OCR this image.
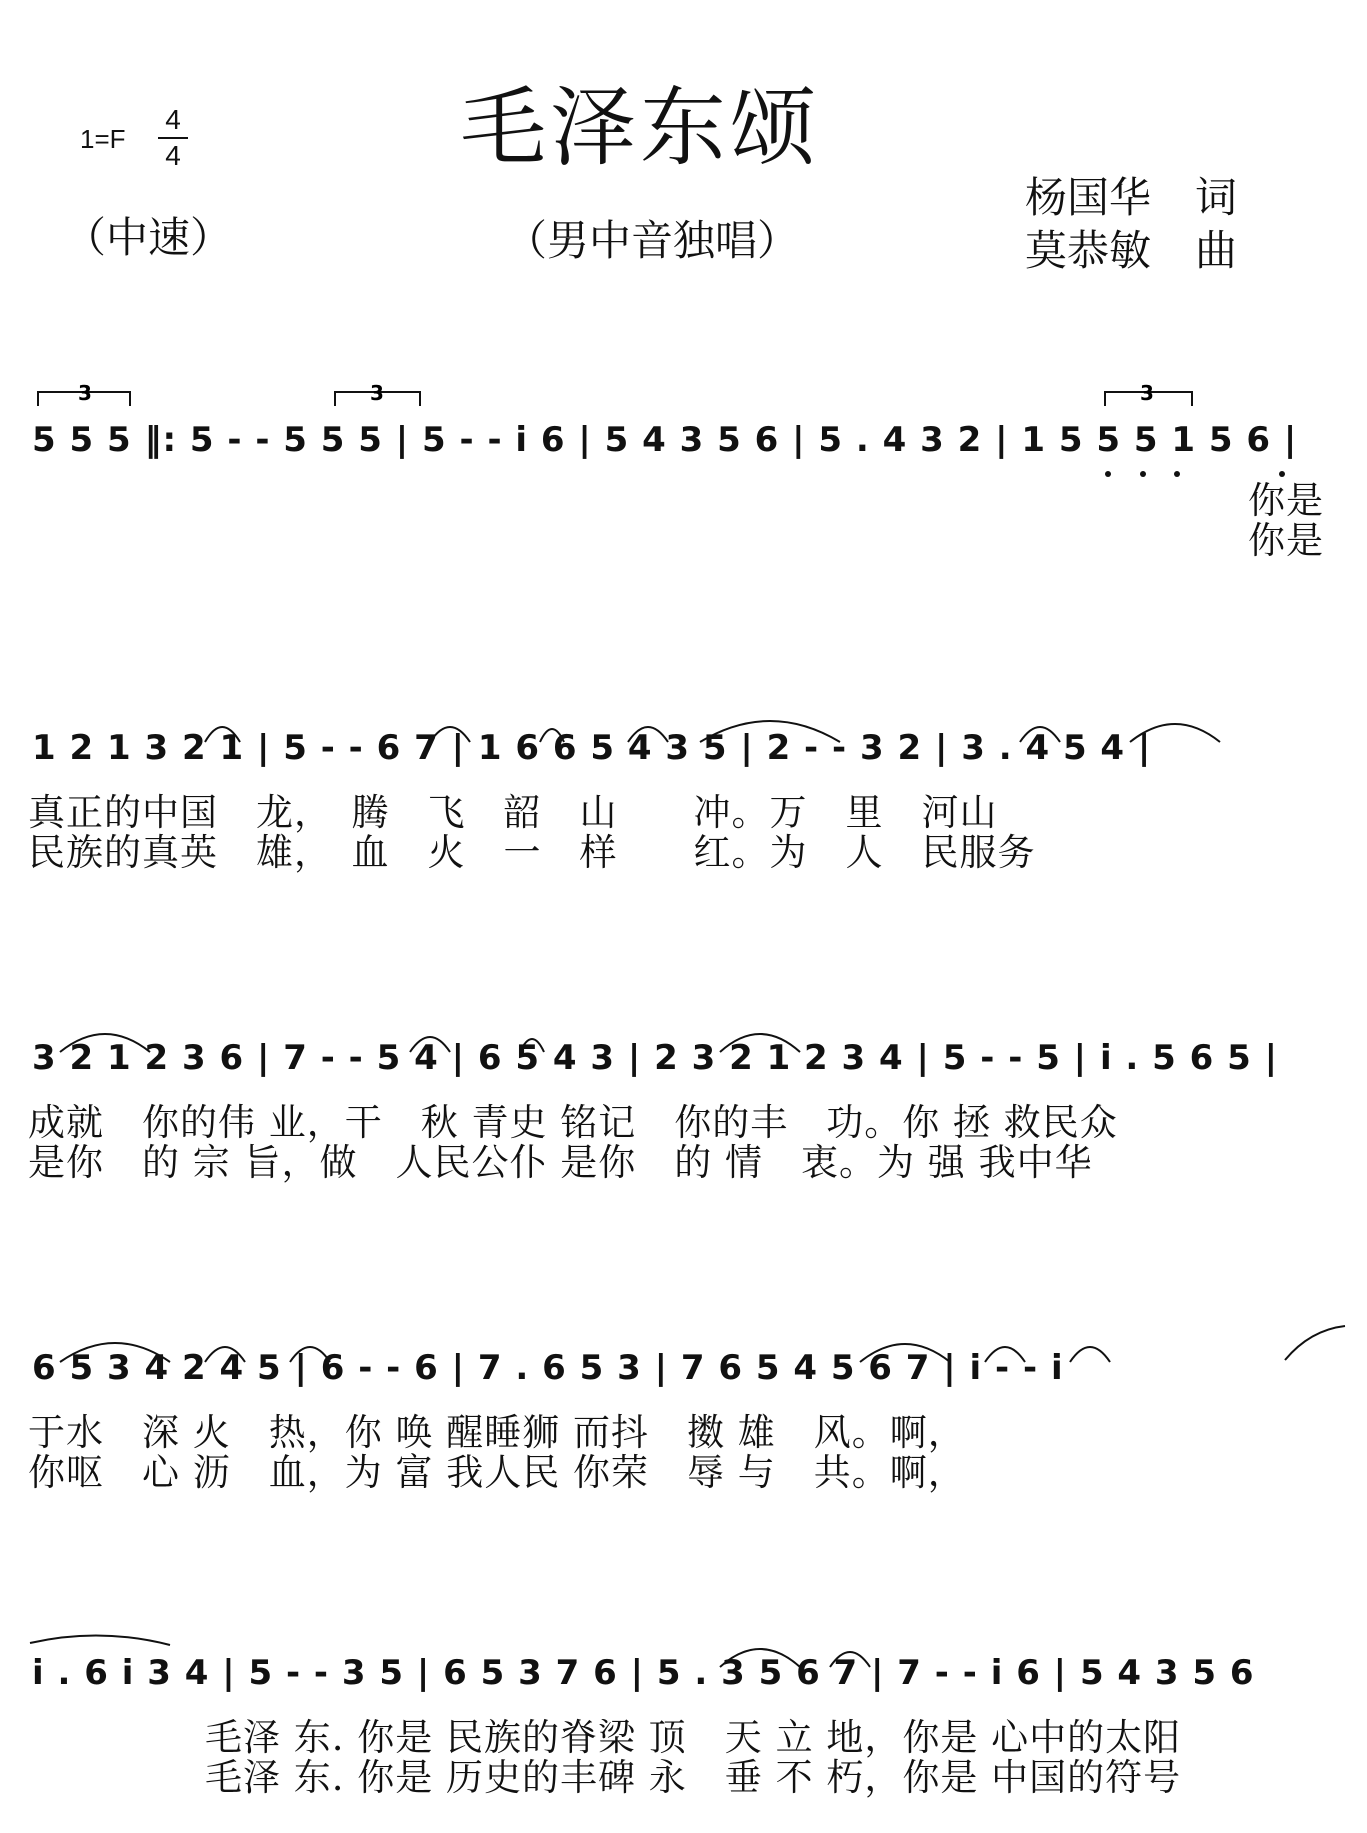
毛泽东颂
1=F
4
4
（中速）	（男中音独唱）
杨国华 词
莫恭敏 曲
3	3	3
5 5 5 ‖: 5 - - 5 5 5 | 5 - - i 6 | 5 4 3 5 6 | 5 . 4 3 2 | 1 5 5 5 1 5 6 |
你是
你是
1 2 1 3 2 1 | 5 - - 6 7 | 1 6 6 5 4 3 5 | 2 - - 3 2 | 3 . 4 5 4 |
真正的中国　龙，　腾　飞　韶　山　　冲。万　里　河山
民族的真英　雄，　血　火　一　样　　红。为　人　民服务
3 2 1 2 3 6 | 7 - - 5 4 | 6 5 4 3 | 2 3 2 1 2 3 4 | 5 - - 5 | i . 5 6 5 |
成就　你的伟 业，干　秋 青史 铭记　你的丰　功。你 拯 救民众
是你　的 宗 旨，做　人民公仆 是你　的 情　衷。为 强 我中华
6 5 3 4 2 4 5 | 6 - - 6 | 7 . 6 5 3 | 7 6 5 4 5 6 7 | i - - i
于水　深 火　热，你 唤 醒睡狮 而抖　擞 雄　风。啊，
你呕　心 沥　血，为 富 我人民 你荣　辱 与　共。啊，
i . 6 i 3 4 | 5 - - 3 5 | 6 5 3 7 6 | 5 . 3 5 6 7 | 7 - - i 6 | 5 4 3 5 6
毛泽 东. 你是 民族的脊梁 顶　天 立 地，你是 心中的太阳
毛泽 东. 你是 历史的丰碑 永　垂 不 朽，你是 中国的符号
